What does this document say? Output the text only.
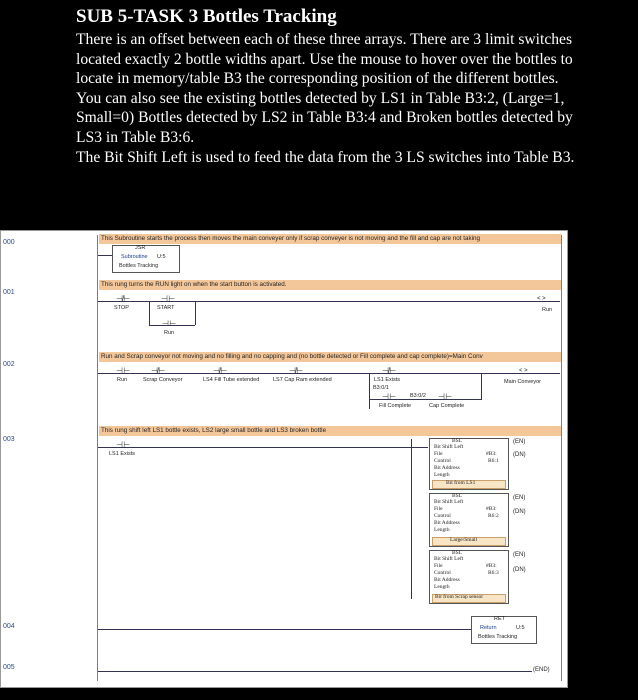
SUB 5-TASK 3 Bottles Tracking

There is an offset between each of these three arrays. There are 3 limit switches located exactly 2 bottle widths apart. Use the mouse to hover over the bottles to locate in memory/table B3 the corresponding position of the different bottles. You can also see the existing bottles detected by LS1 in Table B3:2, (Large=1, Small=0) Bottles detected by LS2 in Table B3:4 and Broken bottles detected by LS3 in Table B3:6.

The Bit Shift Left is used to feed the data from the 3 LS switches into Table B3.

000
This Subroutine starts the process then moves the main conveyer only if scrap conveyer is not moving and the fill and cap are not taking
JSR
Subroutine U:5
Bottles Tracking
001
This rung turns the RUN light on when the start button is activated.
⊣/⊢
STOP
⊣ ⊢
START
⊣ ⊢
Run
< >
Run
002
Run and Scrap conveyor not moving and no filling and no capping and (no bottle detected or Fill complete and cap complete)=Main Conv
⊣ ⊢
Run
⊣/⊢
Scrap Conveyor
⊣/⊢
LS4 Fill Tube extended
⊣/⊢
LS7 Cap Ram extended
⊣/⊢
LS1 Exists
B3:0/1
⊣ ⊢	B3:0/2 ⊣ ⊢
Fill Complete	Cap Complete
< >
Main Conveyor
003
This rung shift left LS1 bottle exists, LS2 large small bottle and LS3 broken bottle
⊣ ⊢
LS1 Exists
BSL
Bit Shift Left
File	#B3:
Control	R6:1
Bit Address
Length
Bit from LS1
(EN)
(DN)
BSL
Bit Shift Left
File	#B3:
Control	R6:2
Bit Address
Length
Large/Small
(EN)
(DN)
BSL
Bit Shift Left
File	#B3:
Control	R6:3
Bit Address
Length
Bit from Scrap sensor
(EN)
(DN)
004
RET
Return	U:5
Bottles Tracking
005	(END)
